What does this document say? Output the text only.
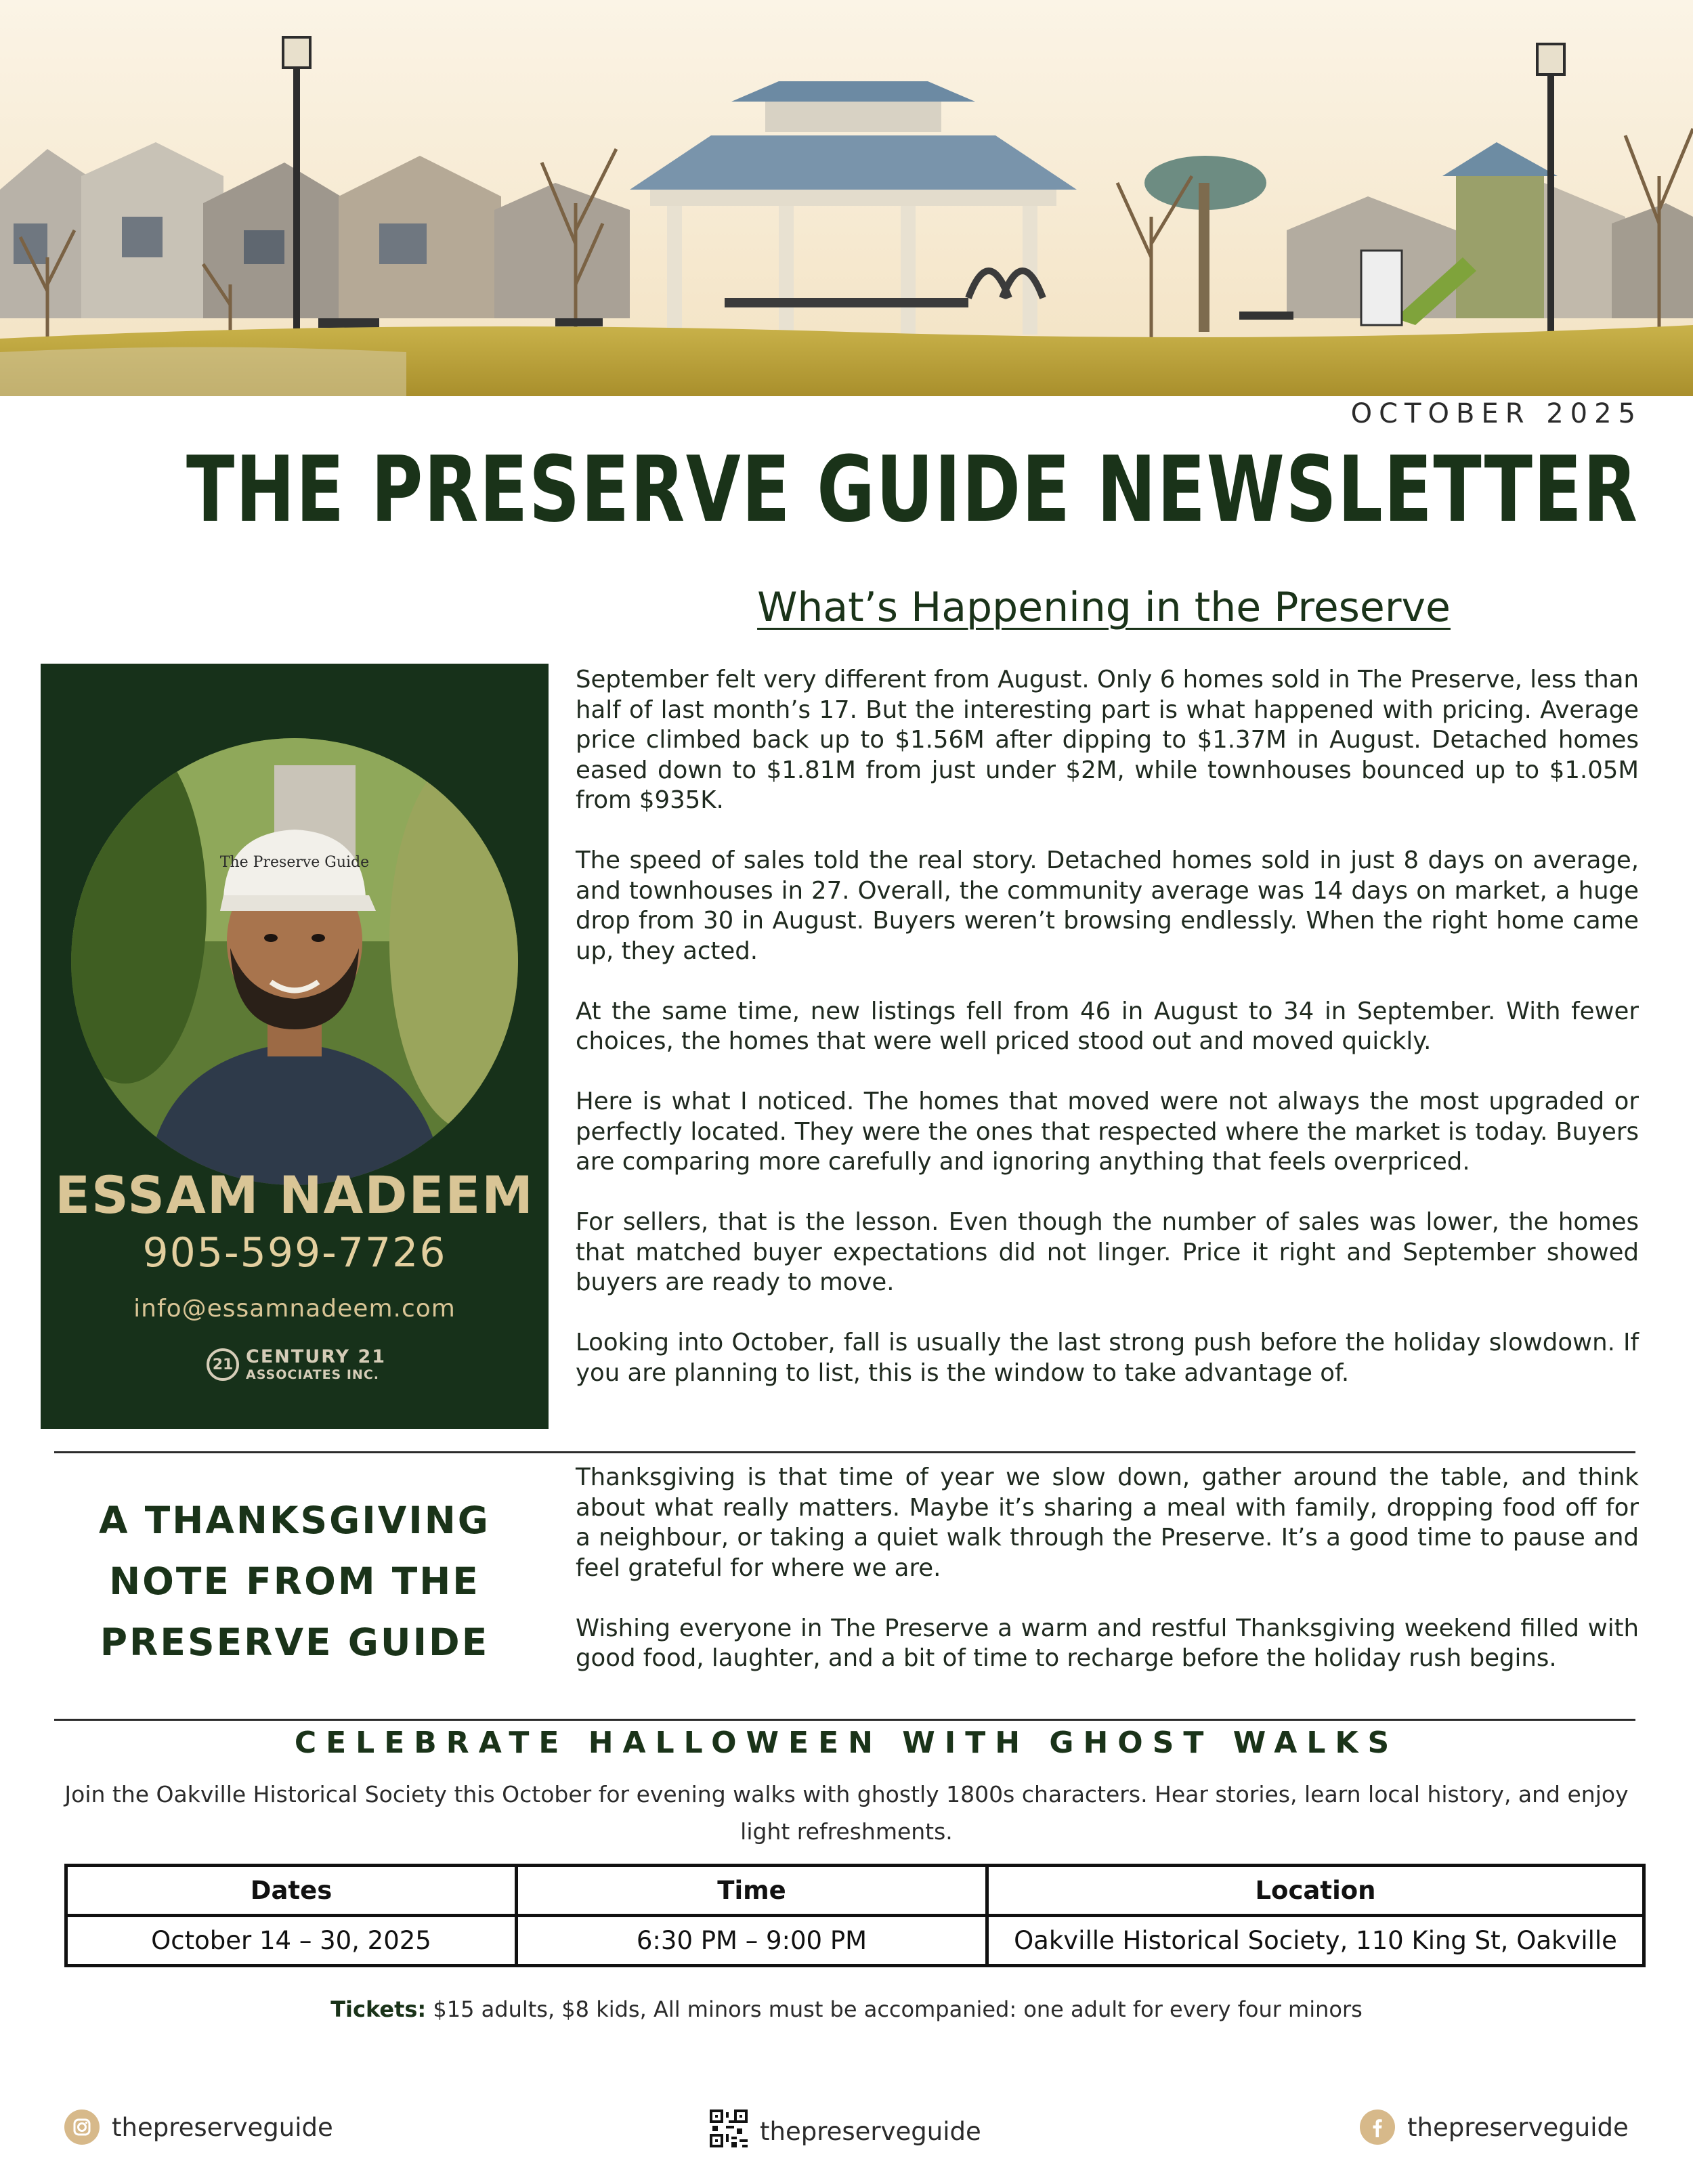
OCTOBER 2025
THE PRESERVE GUIDE NEWSLETTER
What’s Happening in the Preserve
The Preserve Guide
ESSAM NADEEM
905-599-7726
info@essamnadeem.com
21 CENTURY 21
ASSOCIATES INC.

September felt very different from August. Only 6 homes sold in The Preserve, less than half of last month’s 17. But the interesting part is what happened with pricing. Average price climbed back up to $1.56M after dipping to $1.37M in August. Detached homes eased down to $1.81M from just under $2M, while townhouses bounced up to $1.05M from $935K.

The speed of sales told the real story. Detached homes sold in just 8 days on average, and townhouses in 27. Overall, the community average was 14 days on market, a huge drop from 30 in August. Buyers weren’t browsing endlessly. When the right home came up, they acted.

At the same time, new listings fell from 46 in August to 34 in September. With fewer choices, the homes that were well priced stood out and moved quickly.

Here is what I noticed. The homes that moved were not always the most upgraded or perfectly located. They were the ones that respected where the market is today. Buyers are comparing more carefully and ignoring anything that feels overpriced.

For sellers, that is the lesson. Even though the number of sales was lower, the homes that matched buyer expectations did not linger. Price it right and September showed buyers are ready to move.

Looking into October, fall is usually the last strong push before the holiday slowdown. If you are planning to list, this is the window to take advantage of.

A THANKSGIVING NOTE FROM THE PRESERVE GUIDE

Thanksgiving is that time of year we slow down, gather around the table, and think about what really matters. Maybe it’s sharing a meal with family, dropping food off for a neighbour, or taking a quiet walk through the Preserve. It’s a good time to pause and feel grateful for where we are.

Wishing everyone in The Preserve a warm and restful Thanksgiving weekend filled with good food, laughter, and a bit of time to recharge before the holiday rush begins.

CELEBRATE HALLOWEEN WITH GHOST WALKS
Join the Oakville Historical Society this October for evening walks with ghostly 1800s characters. Hear stories, learn local history, and enjoy light refreshments.
Dates	Time	Location
October 14 – 30, 2025	6:30 PM – 9:00 PM	Oakville Historical Society, 110 King St, Oakville
Tickets: $15 adults, $8 kids, All minors must be accompanied: one adult for every four minors
thepreserveguide	thepreserveguide	thepreserveguide
